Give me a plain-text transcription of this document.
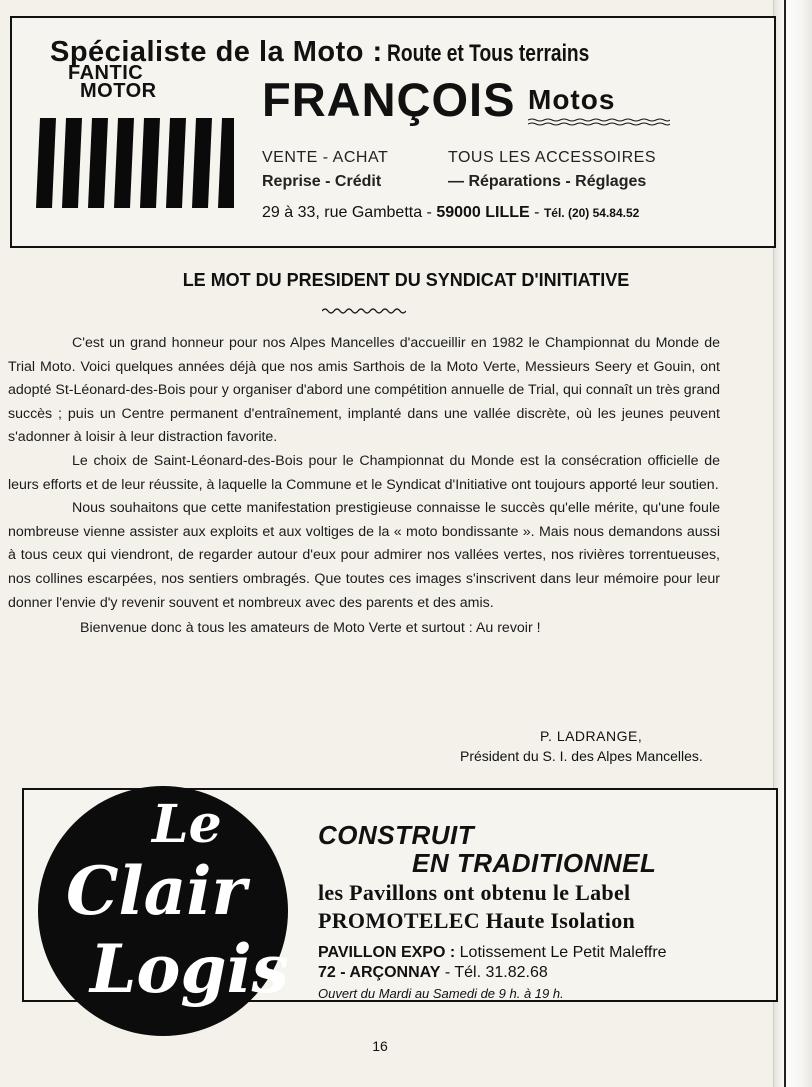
Spécialiste de la Moto : Route et Tous terrains
FANTIC
MOTOR	FRANÇOIS Motos
VENTE - ACHAT
Reprise - Crédit
TOUS LES ACCESSOIRES
— Réparations - Réglages
29 à 33, rue Gambetta - 59000 LILLE - Tél. (20) 54.84.52
LE MOT DU PRESIDENT DU SYNDICAT D'INITIATIVE

C'est un grand honneur pour nos Alpes Mancelles d'accueillir en 1982 le Championnat du Monde de Trial Moto. Voici quelques années déjà que nos amis Sarthois de la Moto Verte, Messieurs Seery et Gouin, ont adopté St-Léonard-des-Bois pour y organiser d'abord une compétition annuelle de Trial, qui connaît un très grand succès ; puis un Centre permanent d'entraînement, implanté dans une vallée discrète, où les jeunes peuvent s'adonner à loisir à leur distraction favorite.

Le choix de Saint-Léonard-des-Bois pour le Championnat du Monde est la consécration officielle de leurs efforts et de leur réussite, à laquelle la Commune et le Syndicat d'Initiative ont toujours apporté leur soutien.

Nous souhaitons que cette manifestation prestigieuse connaisse le succès qu'elle mérite, qu'une foule nombreuse vienne assister aux exploits et aux voltiges de la « moto bondissante ». Mais nous demandons aussi à tous ceux qui viendront, de regarder autour d'eux pour admirer nos vallées vertes, nos rivières torrentueuses, nos collines escarpées, nos sentiers ombragés. Que toutes ces images s'inscrivent dans leur mémoire pour leur donner l'envie d'y revenir souvent et nombreux avec des parents et des amis.

Bienvenue donc à tous les amateurs de Moto Verte et surtout : Au revoir !

P. LADRANGE,
Président du S. I. des Alpes Mancelles.
Le
Clair
Logis
CONSTRUIT
EN TRADITIONNEL
les Pavillons ont obtenu le Label
PROMOTELEC Haute Isolation
PAVILLON EXPO : Lotissement Le Petit Maleffre
72 - ARÇONNAY - Tél. 31.82.68
Ouvert du Mardi au Samedi de 9 h. à 19 h.
16
